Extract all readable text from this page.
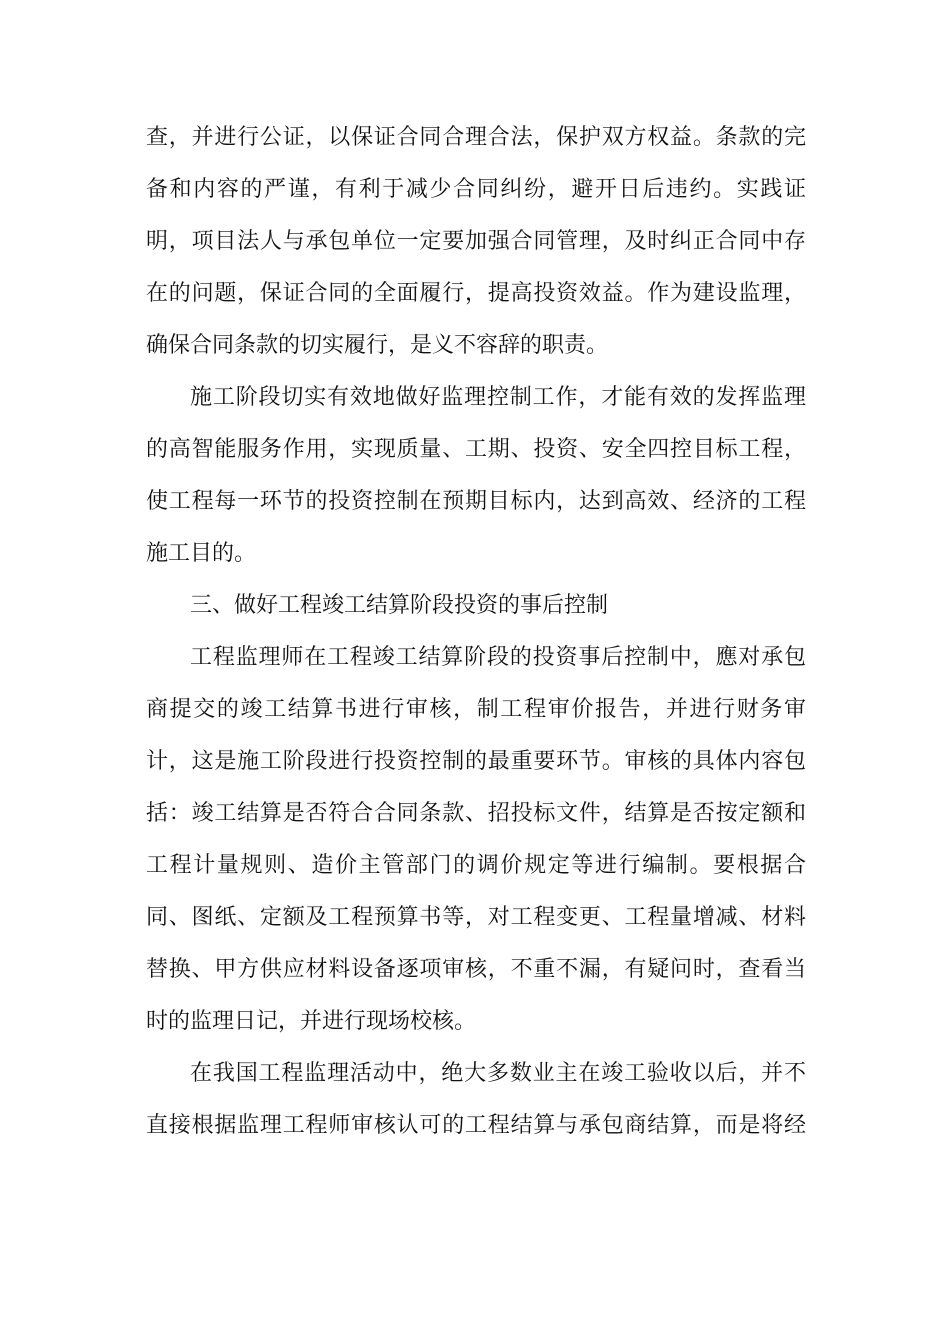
查，并进行公证，以保证合同合理合法，保护双方权益。条款的完
备和内容的严谨，有利于减少合同纠纷，避开日后违约。实践证
明，项目法人与承包单位一定要加强合同管理，及时纠正合同中存
在的问题，保证合同的全面履行，提高投资效益。作为建设监理，
确保合同条款的切实履行，是义不容辞的职责。
施工阶段切实有效地做好监理控制工作，才能有效的发挥监理
的高智能服务作用，实现质量、工期、投资、安全四控目标工程，
使工程每一环节的投资控制在预期目标内，达到高效、经济的工程
施工目的。
三、做好工程竣工结算阶段投资的事后控制
工程监理师在工程竣工结算阶段的投资事后控制中，應对承包
商提交的竣工结算书进行审核，制工程审价报告，并进行财务审
计，这是施工阶段进行投资控制的最重要环节。审核的具体内容包
括：竣工结算是否符合合同条款、招投标文件，结算是否按定额和
工程计量规则、造价主管部门的调价规定等进行编制。要根据合
同、图纸、定额及工程预算书等，对工程变更、工程量增减、材料
替换、甲方供应材料设备逐项审核，不重不漏，有疑问时，查看当
时的监理日记，并进行现场校核。
在我国工程监理活动中，绝大多数业主在竣工验收以后，并不
直接根据监理工程师审核认可的工程结算与承包商结算，而是将经
